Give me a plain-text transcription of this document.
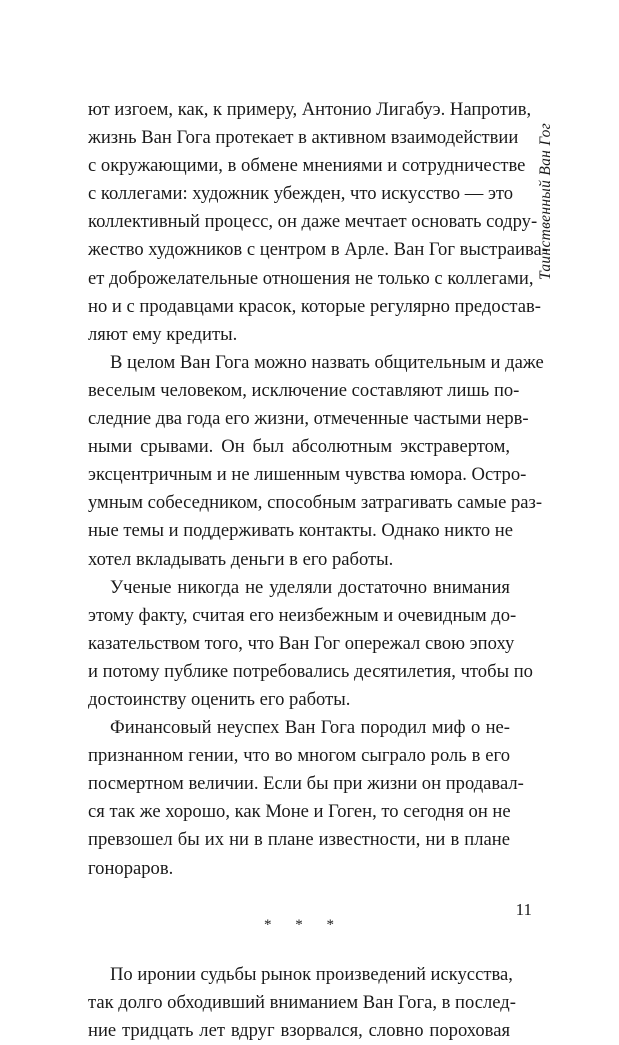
Таинственный Ван Гог
ют изгоем, как, к примеру, Антонио Лигабуэ. Напротив,
жизнь Ван Гога протекает в активном взаимодействии
с окружающими, в обмене мнениями и сотрудничестве
с коллегами: художник убежден, что искусство — это
коллективный процесс, он даже мечтает основать содру-
жество художников с центром в Арле. Ван Гог выстраива-
ет доброжелательные отношения не только с коллегами,
но и с продавцами красок, которые регулярно предостав-
ляют ему кредиты.
В целом Ван Гога можно назвать общительным и даже
веселым человеком, исключение составляют лишь по-
следние два года его жизни, отмеченные частыми нерв-
ными срывами. Он был абсолютным экстравертом,
эксцентричным и не лишенным чувства юмора. Остро-
умным собеседником, способным затрагивать самые раз-
ные темы и поддерживать контакты. Однако никто не
хотел вкладывать деньги в его работы.
Ученые никогда не уделяли достаточно внимания
этому факту, считая его неизбежным и очевидным до-
казательством того, что Ван Гог опережал свою эпоху
и потому публике потребовались десятилетия, чтобы по
достоинству оценить его работы.
Финансовый неуспех Ван Гога породил миф о не-
признанном гении, что во многом сыграло роль в его
посмертном величии. Если бы при жизни он продавал-
ся так же хорошо, как Моне и Гоген, то сегодня он не
превзошел бы их ни в плане известности, ни в плане
гонораров.
* * *
По иронии судьбы рынок произведений искусства,
так долго обходивший вниманием Ван Гога, в послед-
ние тридцать лет вдруг взорвался, словно пороховая
11
